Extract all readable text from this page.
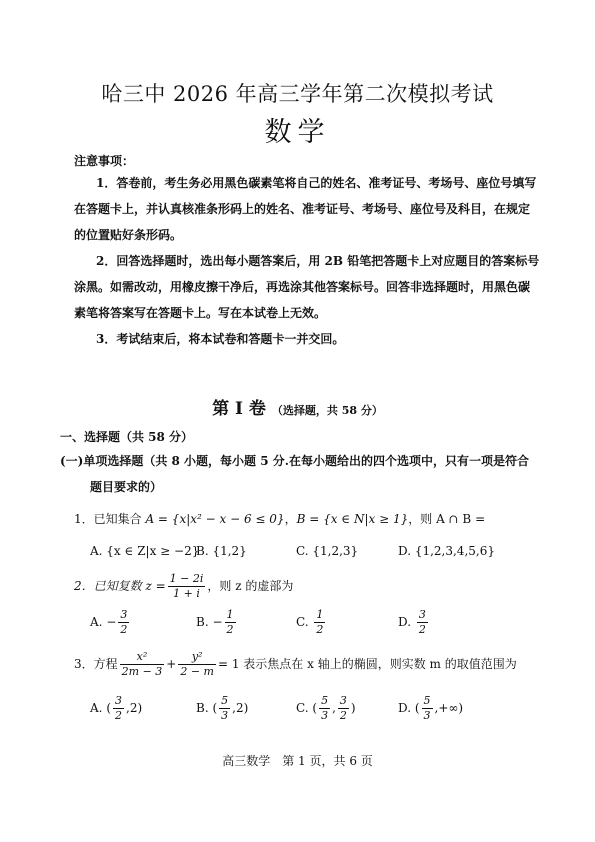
哈三中 2026 年高三学年第二次模拟考试
数学
注意事项：
1．答卷前，考生务必用黑色碳素笔将自己的姓名、准考证号、考场号、座位号填写
在答题卡上，并认真核准条形码上的姓名、准考证号、考场号、座位号及科目，在规定
的位置贴好条形码。
2．回答选择题时，选出每小题答案后，用 2B 铅笔把答题卡上对应题目的答案标号
涂黑。如需改动，用橡皮擦干净后，再选涂其他答案标号。回答非选择题时，用黑色碳
素笔将答案写在答题卡上。写在本试卷上无效。
3．考试结束后，将本试卷和答题卡一并交回。
第 I 卷 （选择题，共 58 分）
一、选择题（共 58 分）
(一)单项选择题（共 8 小题，每小题 5 分.在每小题给出的四个选项中，只有一项是符合
题目要求的）
1．已知集合 A = {x|x² − x − 6 ≤ 0}，B = {x ∈ N|x ≥ 1}，则 A ∩ B =
A. {x ∈ Z|x ≥ −2}
B. {1,2}	C. {1,2,3}	D. {1,2,3,4,5,6}
2．已知复数 $z = \frac{1 - 2i}{1 + i}$ ，则 z 的虚部为
A. − $\frac{3}{2}$	B. − $\frac{1}{2}$	C. $\frac{1}{2}$	D. $\frac{3}{2}$
3．方程 $\frac{\text{x²}}{2m - 3} + \frac{\text{y²}}{2 - m} = 1$ 表示焦点在 x 轴上的椭圆，则实数 m 的取值范围为
A. ( $\frac{3}{2} ,2$)	B. ( $\frac{5}{3} ,2$)	C. ( $\frac{5}{3}$ , $\frac{3}{2}$ )	D. ( $\frac{5}{3}$ ,+∞)
高三数学　第 1 页，共 6 页
